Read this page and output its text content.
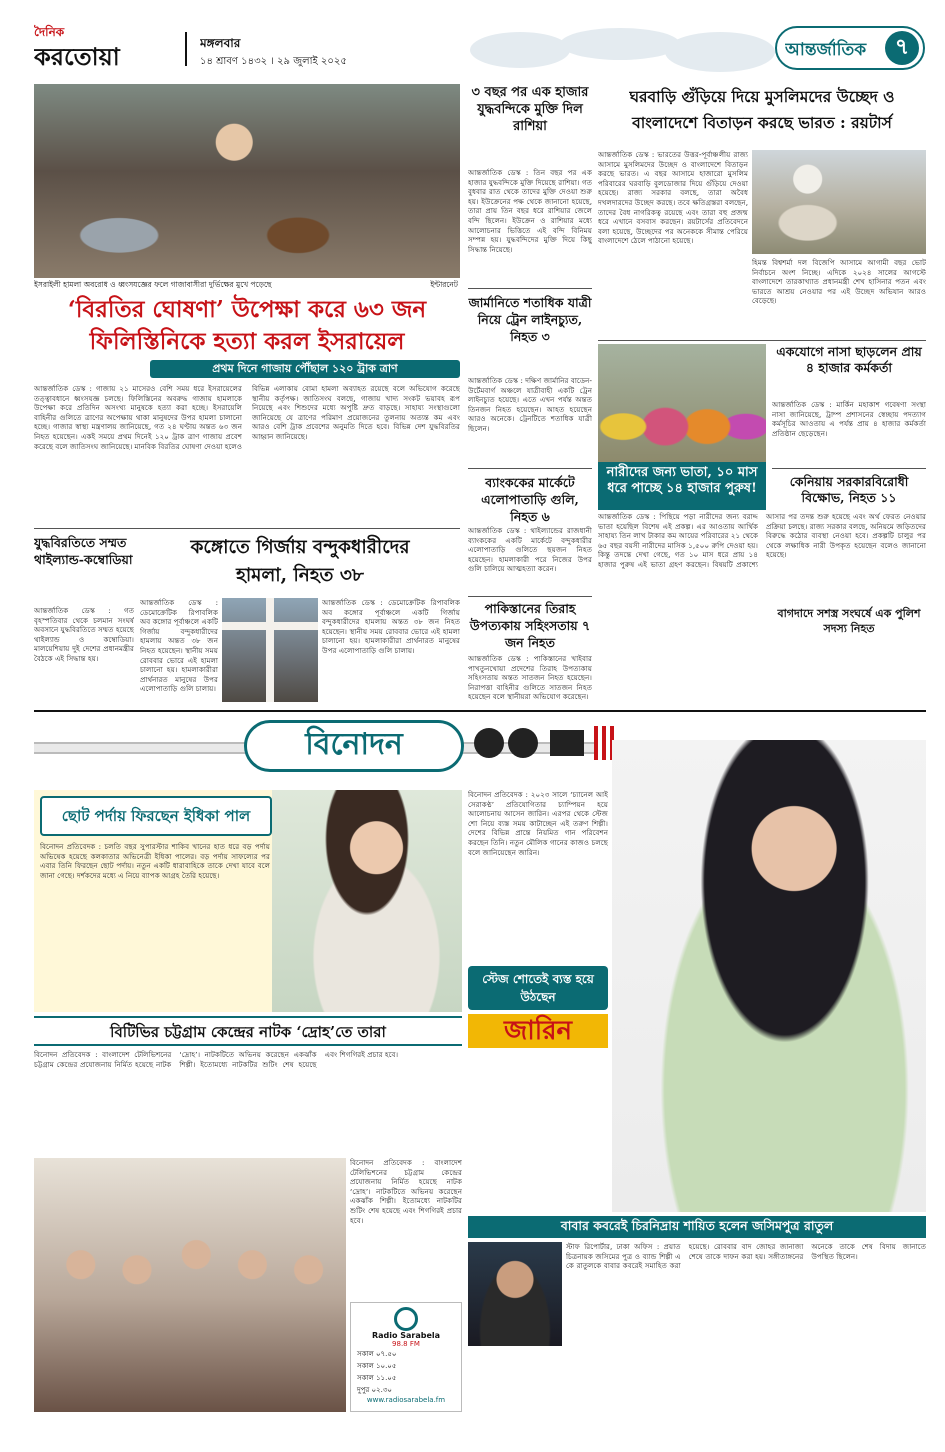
দৈনিক
করতোয়া	মঙ্গলবার
১৪ শ্রাবণ ১৪৩২ । ২৯ জুলাই ২০২৫
আন্তর্জাতিক	৭
ইসরাইলী হামলা অবরোধ ও ধ্বংসযজ্ঞের ফলে গাজাবাসীরা দুর্ভিক্ষের মুখে পড়েছে	ইন্টারনেট
‘বিরতির ঘোষণা’ উপেক্ষা করে ৬৩ জন
ফিলিস্তিনিকে হত্যা করল ইসরায়েল
প্রথম দিনে গাজায় পৌঁছাল ১২০ ট্রাক ত্রাণ
আন্তর্জাতিক ডেস্ক : গাজায় ২১ মাসেরও বেশি সময় ধরে ইসরায়েলের তত্ত্বাবধানে ধ্বংসযজ্ঞ চলছে। ফিলিস্তিনের অবরুদ্ধ গাজায় হামলাকে উপেক্ষা করে প্রতিদিন অসংখ্য মানুষকে হত্যা করা হচ্ছে। ইসরায়েলি বাহিনীর গুলিতে ত্রাণের অপেক্ষায় থাকা মানুষদের উপর হামলা চালানো হচ্ছে। গাজার স্বাস্থ্য মন্ত্রণালয় জানিয়েছে, গত ২৪ ঘণ্টায় অন্তত ৬৩ জন নিহত হয়েছেন। একই সময়ে প্রথম দিনেই ১২০ ট্রাক ত্রাণ গাজায় প্রবেশ করেছে বলে জাতিসংঘ জানিয়েছে। মানবিক বিরতির ঘোষণা দেওয়া হলেও বিভিন্ন এলাকায় বোমা হামলা অব্যাহত রয়েছে বলে অভিযোগ করেছে স্থানীয় কর্তৃপক্ষ। জাতিসংঘ বলছে, গাজায় খাদ্য সংকট ভয়াবহ রূপ নিয়েছে এবং শিশুদের মধ্যে অপুষ্টি দ্রুত বাড়ছে। সাহায্য সংস্থাগুলো জানিয়েছে যে ত্রাণের পরিমাণ প্রয়োজনের তুলনায় অত্যন্ত কম এবং আরও বেশি ট্রাক প্রবেশের অনুমতি দিতে হবে। বিভিন্ন দেশ যুদ্ধবিরতির আহ্বান জানিয়েছে।
৩ বছর পর এক হাজার যুদ্ধবন্দিকে মুক্তি দিল রাশিয়া
আন্তর্জাতিক ডেস্ক : তিন বছর পর এক হাজার যুদ্ধবন্দিকে মুক্তি দিয়েছে রাশিয়া। গত বুধবার রাত থেকে তাদের মুক্তি দেওয়া শুরু হয়। ইউক্রেনের পক্ষ থেকে জানানো হয়েছে, তারা প্রায় তিন বছর ধরে রাশিয়ার জেলে বন্দি ছিলেন। ইউক্রেন ও রাশিয়ার মধ্যে আলোচনার ভিত্তিতে এই বন্দি বিনিময় সম্পন্ন হয়। যুদ্ধবন্দিদের মুক্তি দিয়ে কিছু সিদ্ধান্ত নিয়েছে।
ঘরবাড়ি গুঁড়িয়ে দিয়ে মুসলিমদের উচ্ছেদ ও
বাংলাদেশে বিতাড়ন করছে ভারত : রয়টার্স
আন্তর্জাতিক ডেস্ক : ভারতের উত্তর-পূর্বাঞ্চলীয় রাজ্য আসামে মুসলিমদের উচ্ছেদ ও বাংলাদেশে বিতাড়ন করছে ভারত। এ বছর আসামে হাজারো মুসলিম পরিবারের ঘরবাড়ি বুলডোজার দিয়ে গুঁড়িয়ে দেওয়া হয়েছে। রাজ্য সরকার বলছে, তারা অবৈধ দখলদারদের উচ্ছেদ করছে। তবে ক্ষতিগ্রস্তরা বলছেন, তাদের বৈধ নাগরিকত্ব রয়েছে এবং তারা বহু প্রজন্ম ধরে এখানে বসবাস করছেন। রয়টার্সের প্রতিবেদনে বলা হয়েছে, উচ্ছেদের পর অনেককে সীমান্ত পেরিয়ে বাংলাদেশে ঠেলে পাঠানো হয়েছে।
হিমন্ত বিশ্বশর্মা দল বিজেপি আসামে আগামী বছর ভোট নির্বাচনে অংশ নিচ্ছে। এদিকে ২০২৪ সালের আগস্টে বাংলাদেশে তারকাখ্যাত প্রধানমন্ত্রী শেখ হাসিনার পতন এবং ভারতে আশ্রয় নেওয়ার পর এই উচ্ছেদ অভিযান আরও বেড়েছে।
জার্মানিতে শতাধিক যাত্রী নিয়ে ট্রেন লাইনচ্যুত, নিহত ৩
আন্তর্জাতিক ডেস্ক : দক্ষিণ জার্মানির বাডেন-উর্টেমবার্গ অঞ্চলে যাত্রীবাহী একটি ট্রেন লাইনচ্যুত হয়েছে। এতে এখন পর্যন্ত অন্তত তিনজন নিহত হয়েছেন। আহত হয়েছেন আরও অনেকে। ট্রেনটিতে শতাধিক যাত্রী ছিলেন।
নারীদের জন্য ভাতা, ১০ মাস ধরে পাচ্ছে ১৪ হাজার পুরুষ!
আন্তর্জাতিক ডেস্ক : পিছিয়ে পড়া নারীদের জন্য বরাদ্দ ভাতা হয়েছিল বিশেষ এই প্রকল্প। এর আওতায় আর্থিক সাহায্য তিন লাখ টাকার কম আয়ের পরিবারের ২১ থেকে ৬৫ বছর বয়সী নারীদের মাসিক ১,৫০০ রুপি দেওয়া হয়। কিন্তু তদন্তে দেখা গেছে, গত ১০ মাস ধরে প্রায় ১৪ হাজার পুরুষ এই ভাতা গ্রহণ করছেন। বিষয়টি প্রকাশ্যে আসার পর তদন্ত শুরু হয়েছে এবং অর্থ ফেরত নেওয়ার প্রক্রিয়া চলছে। রাজ্য সরকার বলছে, অনিয়মে জড়িতদের বিরুদ্ধে কঠোর ব্যবস্থা নেওয়া হবে। প্রকল্পটি চালুর পর থেকে লক্ষাধিক নারী উপকৃত হয়েছেন বলেও জানানো হয়েছে।
একযোগে নাসা ছাড়লেন প্রায় ৪ হাজার কর্মকর্তা
আন্তর্জাতিক ডেস্ক : মার্কিন মহাকাশ গবেষণা সংস্থা নাসা জানিয়েছে, ট্রাম্প প্রশাসনের স্বেচ্ছায় পদত্যাগ কর্মসূচির আওতায় এ পর্যন্ত প্রায় ৪ হাজার কর্মকর্তা প্রতিষ্ঠান ছেড়েছেন।
কেনিয়ায় সরকারবিরোধী বিক্ষোভ, নিহত ১১
ব্যাংককের মার্কেটে এলোপাতাড়ি গুলি, নিহত ৬
আন্তর্জাতিক ডেস্ক : থাইল্যান্ডের রাজধানী ব্যাংককের একটি মার্কেটে বন্দুকধারীর এলোপাতাড়ি গুলিতে ছয়জন নিহত হয়েছেন। হামলাকারী পরে নিজের উপর গুলি চালিয়ে আত্মহত্যা করেন।
পাকিস্তানের তিরাহ উপত্যকায় সহিংসতায় ৭ জন নিহত
আন্তর্জাতিক ডেস্ক : পাকিস্তানের খাইবার পাখতুনখোয়া প্রদেশের তিরাহ উপত্যকায় সহিংসতায় অন্তত সাতজন নিহত হয়েছেন। নিরাপত্তা বাহিনীর গুলিতে সাতজন নিহত হয়েছেন বলে স্থানীয়রা অভিযোগ করেছেন।
বাগদাদে সশস্ত্র সংঘর্ষে এক পুলিশ সদস্য নিহত
যুদ্ধবিরতিতে সম্মত থাইল্যান্ড-কম্বোডিয়া
আন্তর্জাতিক ডেস্ক : গত বৃহস্পতিবার থেকে চলমান সংঘর্ষ অবসানে যুদ্ধবিরতিতে সম্মত হয়েছে থাইল্যান্ড ও কম্বোডিয়া। মালয়েশিয়ায় দুই দেশের প্রধানমন্ত্রীর বৈঠকে এই সিদ্ধান্ত হয়।
কঙ্গোতে গির্জায় বন্দুকধারীদের
হামলা, নিহত ৩৮
আন্তর্জাতিক ডেস্ক : ডেমোক্রেটিক রিপাবলিক অব কঙ্গোর পূর্বাঞ্চলে একটি গির্জায় বন্দুকধারীদের হামলায় অন্তত ৩৮ জন নিহত হয়েছেন। স্থানীয় সময় রোববার ভোরে এই হামলা চালানো হয়। হামলাকারীরা প্রার্থনারত মানুষের উপর এলোপাতাড়ি গুলি চালায়।
আন্তর্জাতিক ডেস্ক : ডেমোক্রেটিক রিপাবলিক অব কঙ্গোর পূর্বাঞ্চলে একটি গির্জায় বন্দুকধারীদের হামলায় অন্তত ৩৮ জন নিহত হয়েছেন। স্থানীয় সময় রোববার ভোরে এই হামলা চালানো হয়। হামলাকারীরা প্রার্থনারত মানুষের উপর এলোপাতাড়ি গুলি চালায়।
বিনোদন
ছোট পর্দায় ফিরছেন ইধিকা পাল
বিনোদন প্রতিবেদক : চলতি বছর সুপারস্টার শাকিব খানের হাত ধরে বড় পর্দায় অভিষেক হয়েছে কলকাতার অভিনেত্রী ইধিকা পালের। বড় পর্দায় সাফল্যের পর এবার তিনি ফিরছেন ছোট পর্দায়। নতুন একটি ধারাবাহিকে তাকে দেখা যাবে বলে জানা গেছে। দর্শকদের মধ্যে এ নিয়ে ব্যাপক আগ্রহ তৈরি হয়েছে।
বিনোদন প্রতিবেদক : ২০২৩ সালে ‘চ্যানেল আই সেরাকণ্ঠ’ প্রতিযোগিতার চ্যাম্পিয়ন হয়ে আলোচনায় আসেন জারিন। এরপর থেকে স্টেজ শো নিয়ে ব্যস্ত সময় কাটাচ্ছেন এই তরুণ শিল্পী। দেশের বিভিন্ন প্রান্তে নিয়মিত গান পরিবেশন করছেন তিনি। নতুন মৌলিক গানের কাজও চলছে বলে জানিয়েছেন জারিন।
স্টেজ শোতেই ব্যস্ত হয়ে উঠছেন
জারিন
বিটিভির চট্টগ্রাম কেন্দ্রের নাটক ‘দ্রোহ’তে তারা
বিনোদন প্রতিবেদক : বাংলাদেশ টেলিভিশনের চট্টগ্রাম কেন্দ্রের প্রযোজনায় নির্মিত হয়েছে নাটক ‘দ্রোহ’। নাটকটিতে অভিনয় করেছেন একঝাঁক শিল্পী। ইতোমধ্যে নাটকটির শুটিং শেষ হয়েছে এবং শিগগিরই প্রচার হবে।
বিনোদন প্রতিবেদক : বাংলাদেশ টেলিভিশনের চট্টগ্রাম কেন্দ্রের প্রযোজনায় নির্মিত হয়েছে নাটক ‘দ্রোহ’। নাটকটিতে অভিনয় করেছেন একঝাঁক শিল্পী। ইতোমধ্যে নাটকটির শুটিং শেষ হয়েছে এবং শিগগিরই প্রচার হবে।
Radio Sarabela
98.8 FM
সকাল ০৭.৫০
সকাল ১০.০৫
সকাল ১১.০৫
দুপুর ০২.৩০
www.radiosarabela.fm
বাবার কবরেই চিরনিদ্রায় শায়িত হলেন জসিমপুত্র রাতুল
স্টাফ রিপোর্টার, ঢাকা অফিস : প্রয়াত চিত্রনায়ক জসিমের পুত্র ও ব্যান্ড শিল্পী এ কে রাতুলকে বাবার কবরেই সমাহিত করা হয়েছে। রোববার বাদ জোহর জানাজা শেষে তাকে দাফন করা হয়। সঙ্গীতাঙ্গনের অনেকে তাকে শেষ বিদায় জানাতে উপস্থিত ছিলেন।
